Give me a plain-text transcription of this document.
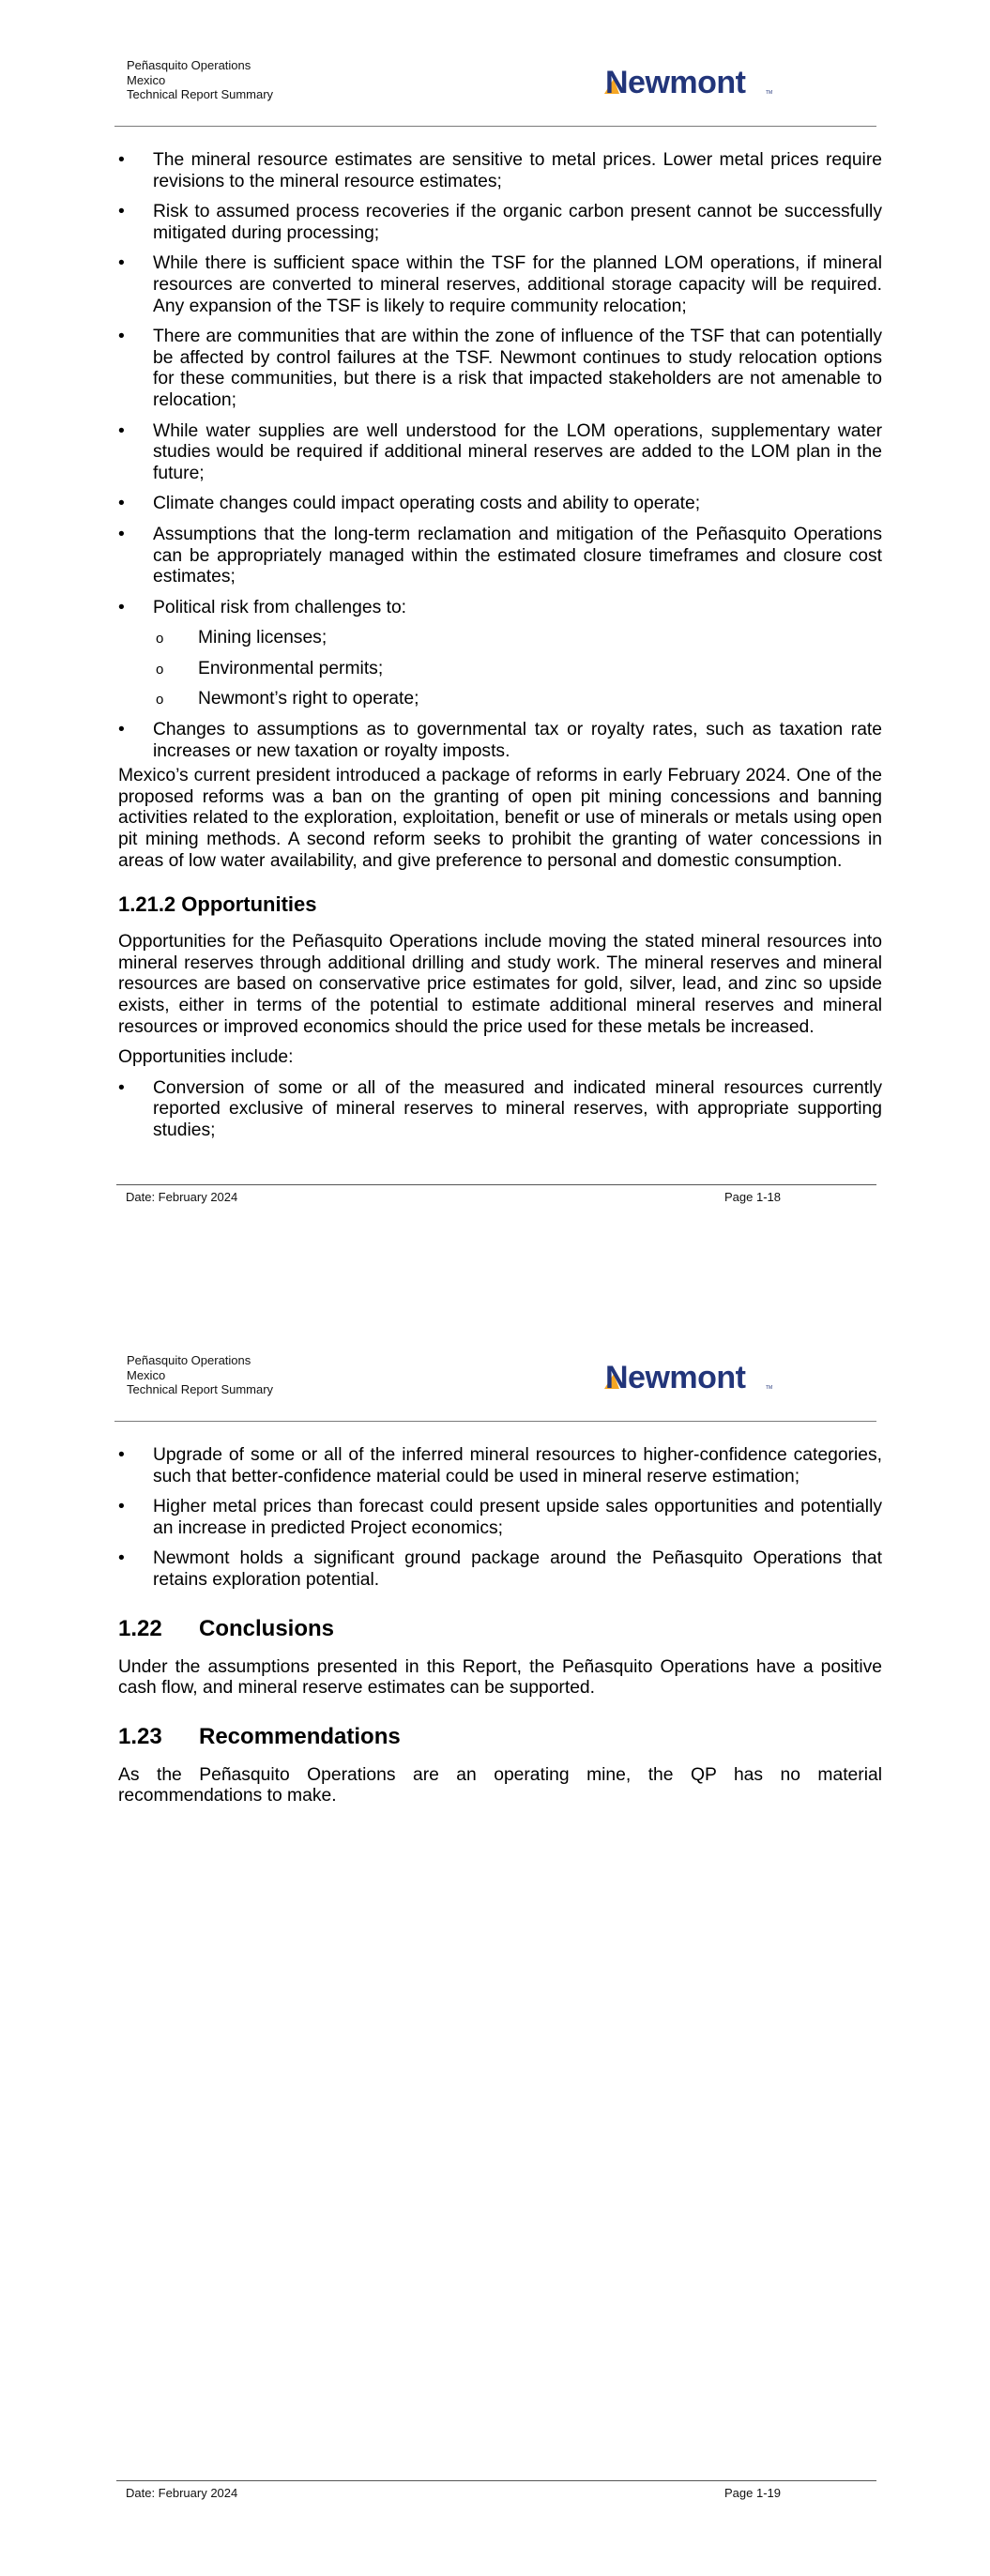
Peñasquito Operations
Mexico
Technical Report Summary	Newmont	TM
• The mineral resource estimates are sensitive to metal prices. Lower metal prices require revisions to the mineral resource estimates;
• Risk to assumed process recoveries if the organic carbon present cannot be successfully mitigated during processing;
• While there is sufficient space within the TSF for the planned LOM operations, if mineral resources are converted to mineral reserves, additional storage capacity will be required. Any expansion of the TSF is likely to require community relocation;
• There are communities that are within the zone of influence of the TSF that can potentially be affected by control failures at the TSF. Newmont continues to study relocation options for these communities, but there is a risk that impacted stakeholders are not amenable to relocation;
• While water supplies are well understood for the LOM operations, supplementary water studies would be required if additional mineral reserves are added to the LOM plan in the future;
• Climate changes could impact operating costs and ability to operate;
• Assumptions that the long-term reclamation and mitigation of the Peñasquito Operations can be appropriately managed within the estimated closure timeframes and closure cost estimates;
• Political risk from challenges to:
o Mining licenses;
o Environmental permits;
o Newmont’s right to operate;
• Changes to assumptions as to governmental tax or royalty rates, such as taxation rate increases or new taxation or royalty imposts.

Mexico’s current president introduced a package of reforms in early February 2024. One of the proposed reforms was a ban on the granting of open pit mining concessions and banning activities related to the exploration, exploitation, benefit or use of minerals or metals using open pit mining methods. A second reform seeks to prohibit the granting of water concessions in areas of low water availability, and give preference to personal and domestic consumption.

1.21.2 Opportunities

Opportunities for the Peñasquito Operations include moving the stated mineral resources into mineral reserves through additional drilling and study work. The mineral reserves and mineral resources are based on conservative price estimates for gold, silver, lead, and zinc so upside exists, either in terms of the potential to estimate additional mineral reserves and mineral resources or improved economics should the price used for these metals be increased.

Opportunities include:

• Conversion of some or all of the measured and indicated mineral resources currently reported exclusive of mineral reserves to mineral reserves, with appropriate supporting studies;
Date: February 2024	Page 1-18
Peñasquito Operations
Mexico
Technical Report Summary	Newmont	TM
• Upgrade of some or all of the inferred mineral resources to higher-confidence categories, such that better-confidence material could be used in mineral reserve estimation;
• Higher metal prices than forecast could present upside sales opportunities and potentially an increase in predicted Project economics;
• Newmont holds a significant ground package around the Peñasquito Operations that retains exploration potential.
1.22 Conclusions

Under the assumptions presented in this Report, the Peñasquito Operations have a positive cash flow, and mineral reserve estimates can be supported.

1.23 Recommendations

As the Peñasquito Operations are an operating mine, the QP has no material recommendations to make.

Date: February 2024	Page 1-19
